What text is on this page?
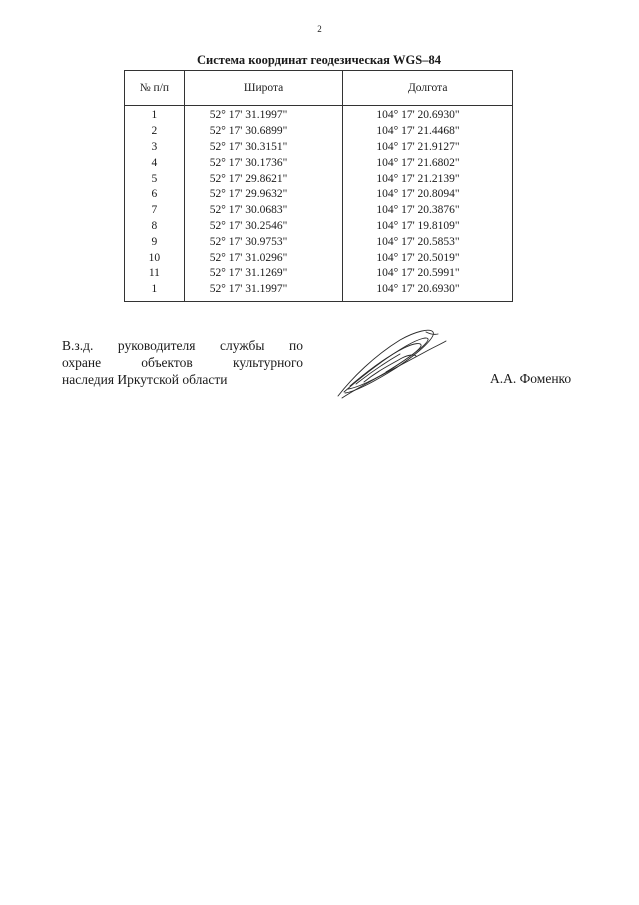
2
Система координат геодезическая WGS–84
№ п/п	Широта	Долгота
1	52° 17' 31.1997"	104° 17' 20.6930"
2	52° 17' 30.6899"	104° 17' 21.4468"
3	52° 17' 30.3151"	104° 17' 21.9127"
4	52° 17' 30.1736"	104° 17' 21.6802"
5	52° 17' 29.8621"	104° 17' 21.2139"
6	52° 17' 29.9632"	104° 17' 20.8094"
7	52° 17' 30.0683"	104° 17' 20.3876"
8	52° 17' 30.2546"	104° 17' 19.8109"
9	52° 17' 30.9753"	104° 17' 20.5853"
10	52° 17' 31.0296"	104° 17' 20.5019"
11	52° 17' 31.1269"	104° 17' 20.5991"
1	52° 17' 31.1997"	104° 17' 20.6930"
В.з.д. руководителя службы по
охране объектов культурного
наследия Иркутской области	А.А. Фоменко
